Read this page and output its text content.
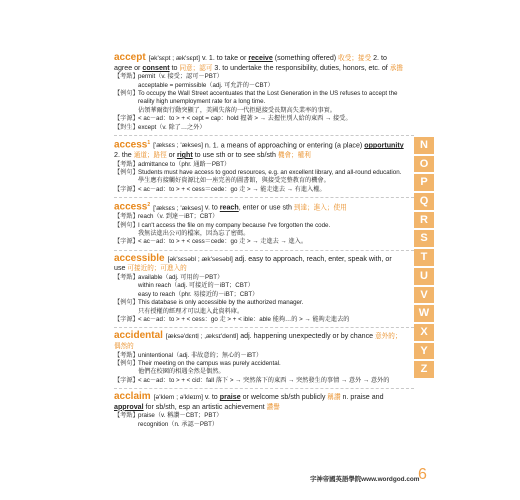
accept [ək'sεpt ; æk'sεpt] v. 1. to take or receive (something offered) 收受；接受 2. to agree or consent to 同意；認可 3. to undertake the responsibility, duties, honors, etc. of 承擔
【考點】 permit（v. 接受；認可－PBT）
acceptable = permissible（adj. 可允許的－CBT）
【例句】 To occupy the Wall Street accentuates that the Lost Generation in the US refuses to accept the reality high unemployment rate for a long time.
佔領華爾街行動突顯了，美國失落的一代拒絕接受長期高失業率的事實。
【字源】 < ac－ad：to > + < cept = cap：hold 握著 > → 去握住別人給的東西 → 接受。
【對生】 except（v. 除了…之外）
access$^1$ ['æksεs ; 'ækses] n. 1. a means of approaching or entering (a place) opportunity 2. the 通道；路徑 or right to use sth or to see sb/sth 機會；權利
【考點】 admittance to（phr. 通路－PBT）
【例句】 Students must have access to good resources, e.g. an excellent library, and all-round education.
學生應有接觸好資源比如一座完善的圖書館，與接受完整教育的機會。
【字源】 < ac－ad：to > + < cess＝cede：go 走 > → 能走進去 → 有進入權。
access$^2$ ['æksεs ; 'ækses] v. to reach, enter or use sth 到達；進入；使用
【考點】 reach（v. 到達－iBT；CBT）
【例句】 I can't access the file on my company because I've forgotten the code.
我無法進出公司的檔案，因為忘了密碼。
【字源】 < ac－ad：to > + < cess＝cede：go 走 > → 走進去 → 進入。
accessible [ək'sεsəbl ; æk'sesəbl] adj. easy to approach, reach, enter, speak with, or use 可接近的；可進入的
【考點】 available（adj. 可用的－PBT）
within reach（adj. 可接近的－iBT；CBT）
easy to reach（phr. 易接近的－iBT；CBT）
【例句】 This database is only accessible by the authorized manager.
只有授權的經理才可以進入此資料庫。
【字源】 < ac－ad：to > + < cess：go 走 > + < ible：able 能夠…的 > → 能夠走進去的
accidental [æksə'dεntḷ ; ,æksɪ'dentl] adj. happening unexpectedly or by chance 意外的；偶然的
【考點】 unintentional（adj. 非故意的；無心的－iBT）
【例句】 Their meeting on the campus was purely accidental.
他們在校園的相遇全然是偶然。
【字源】 < ac－ad：to > + < cid：fall 落下 > → 突然落下的東西 → 突然發生的事情 → 意外 → 意外的
acclaim [ə'klem ; ə'kleɪm] v. to praise or welcome sb/sth publicly 稱讚 n. praise and approval for sb/sth, esp an artistic achievement 讚譽
【考點】 praise（v. 稱讚－CBT；PBT）
recognition（n. 承認－PBT）
N
O
P
Q
R
S
T
U
V
W
X
Y
Z
字神帝國英語學院www.wordgod.com
6
